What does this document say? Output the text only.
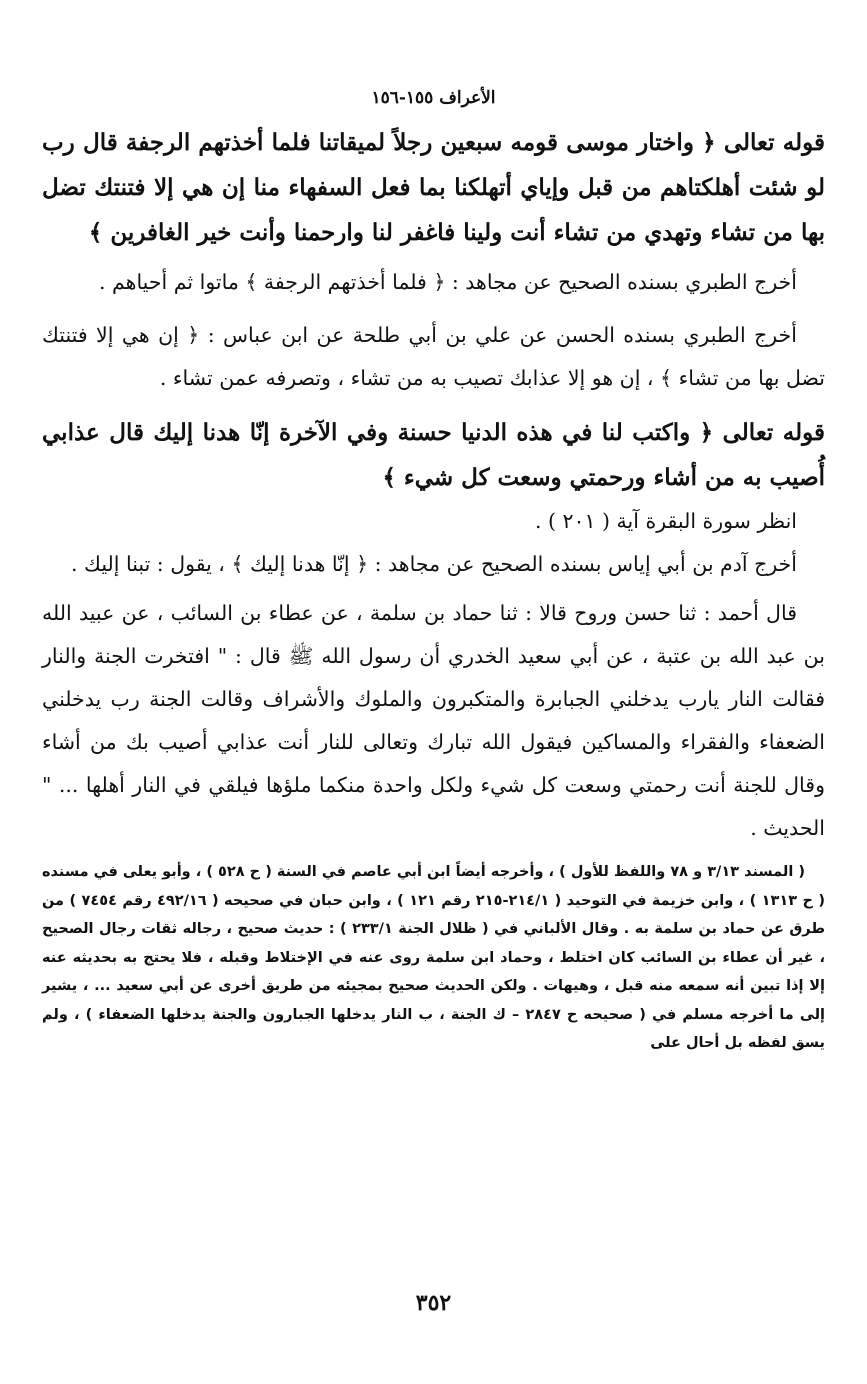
الأعراف ١٥٥-١٥٦

قوله تعالى ﴿ واختار موسى قومه سبعين رجلاً لميقاتنا فلما أخذتهم الرجفة قال رب لو شئت أهلكتاهم من قبل وإياي أتهلكنا بما فعل السفهاء منا إن هي إلا فتنتك تضل بها من تشاء وتهدي من تشاء أنت ولينا فاغفر لنا وارحمنا وأنت خير الغافرين ﴾

أخرج الطبري بسنده الصحيح عن مجاهد : ﴿ فلما أخذتهم الرجفة ﴾ ماتوا ثم أحياهم .

أخرج الطبري بسنده الحسن عن علي بن أبي طلحة عن ابن عباس : ﴿ إن هي إلا فتنتك تضل بها من تشاء ﴾ ، إن هو إلا عذابك تصيب به من تشاء ، وتصرفه عمن تشاء .

قوله تعالى ﴿ واكتب لنا في هذه الدنيا حسنة وفي الآخرة إنّا هدنا إليك قال عذابي أُصيب به من أشاء ورحمتي وسعت كل شيء ﴾

انظر سورة البقرة آية ( ٢٠١ ) .

أخرج آدم بن أبي إياس بسنده الصحيح عن مجاهد : ﴿ إنّا هدنا إليك ﴾ ، يقول : تبنا إليك .

قال أحمد : ثنا حسن وروح قالا : ثنا حماد بن سلمة ، عن عطاء بن السائب ، عن عبيد الله بن عبد الله بن عتبة ، عن أبي سعيد الخدري أن رسول الله ﷺ قال : " افتخرت الجنة والنار فقالت النار يارب يدخلني الجبابرة والمتكبرون والملوك والأشراف وقالت الجنة رب يدخلني الضعفاء والفقراء والمساكين فيقول الله تبارك وتعالى للنار أنت عذابي أصيب بك من أشاء وقال للجنة أنت رحمتي وسعت كل شيء ولكل واحدة منكما ملؤها فيلقي في النار أهلها ... " الحديث .

( المسند ٣/١٣ و ٧٨ واللفظ للأول ) ، وأخرجه أيضاً ابن أبي عاصم في السنة ( ح ٥٢٨ ) ، وأبو يعلى في مسنده ( ح ١٣١٣ ) ، وابن خزيمة في التوحيد ( ٢١٤/١-٢١٥ رقم ١٢١ ) ، وابن حبان في صحيحه ( ٤٩٢/١٦ رقم ٧٤٥٤ ) من طرق عن حماد بن سلمة به . وقال الألباني في ( ظلال الجنة ٢٣٣/١ ) : حديث صحيح ، رجاله ثقات رجال الصحيح ، غير أن عطاء بن السائب كان اختلط ، وحماد ابن سلمة روى عنه في الإختلاط وقبله ، فلا يحتج به بحديثه عنه إلا إذا تبين أنه سمعه منه قبل ، وهيهات . ولكن الحديث صحيح بمجيئه من طريق أخرى عن أبي سعيد ... ، يشير إلى ما أخرجه مسلم في ( صحيحه ح ٢٨٤٧ – ك الجنة ، ب النار يدخلها الجبارون والجنة يدخلها الضعفاء ) ، ولم يسق لفظه بل أحال على

٣٥٢
